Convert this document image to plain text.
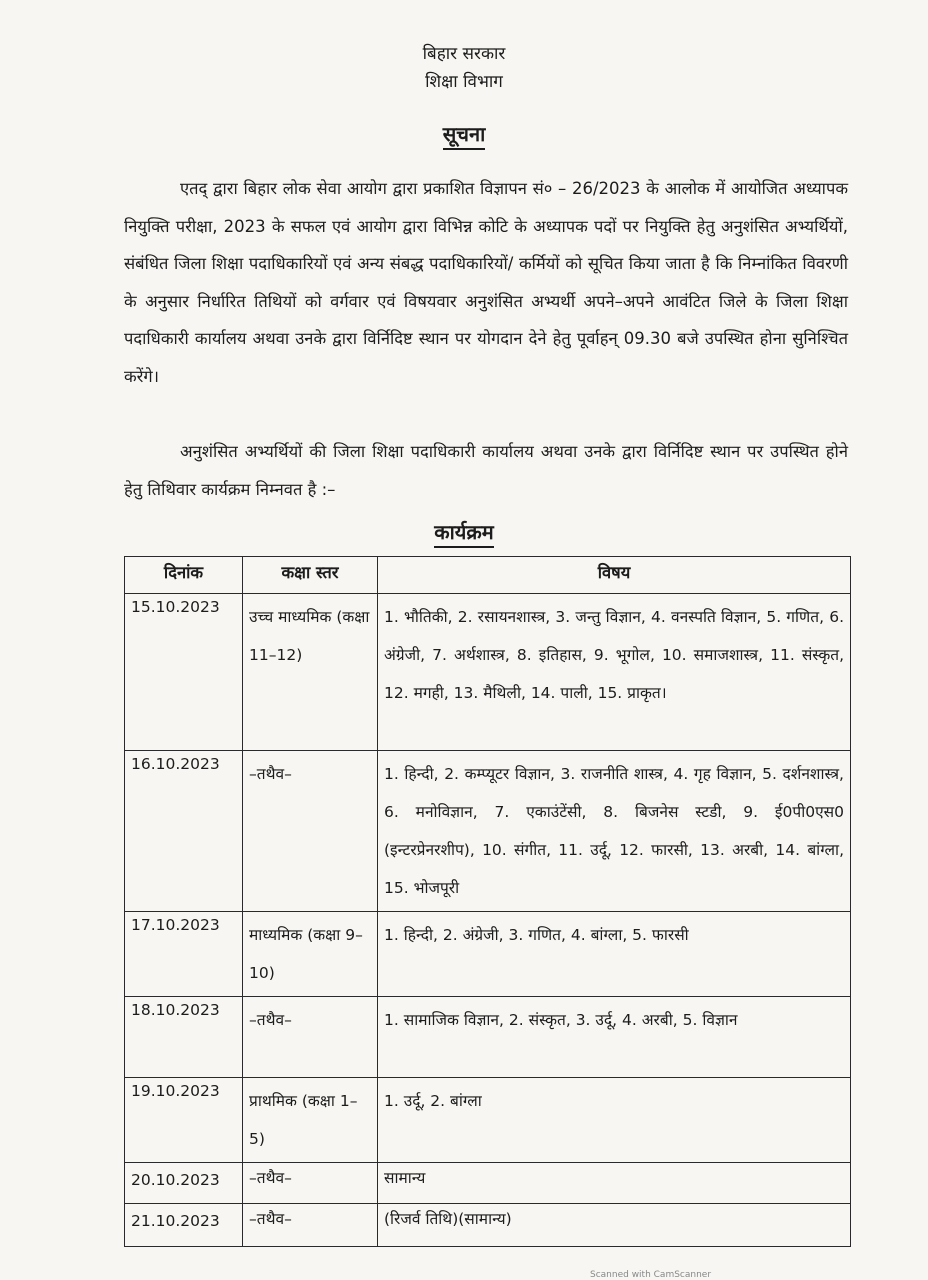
बिहार सरकार
शिक्षा विभाग
सूचना

एतद् द्वारा बिहार लोक सेवा आयोग द्वारा प्रकाशित विज्ञापन सं० – 26/2023 के आलोक में आयोजित अध्यापक नियुक्ति परीक्षा, 2023 के सफल एवं आयोग द्वारा विभिन्न कोटि के अध्यापक पदों पर नियुक्ति हेतु अनुशंसित अभ्यर्थियों, संबंधित जिला शिक्षा पदाधिकारियों एवं अन्य संबद्ध पदाधिकारियों/ कर्मियों को सूचित किया जाता है कि निम्नांकित विवरणी के अनुसार निर्धारित तिथियों को वर्गवार एवं विषयवार अनुशंसित अभ्यर्थी अपने–अपने आवंटित जिले के जिला शिक्षा पदाधिकारी कार्यालय अथवा उनके द्वारा विर्निदिष्ट स्थान पर योगदान देने हेतु पूर्वाहन् 09.30 बजे उपस्थित होना सुनिश्चित करेंगे।

अनुशंसित अभ्यर्थियों की जिला शिक्षा पदाधिकारी कार्यालय अथवा उनके द्वारा विर्निदिष्ट स्थान पर उपस्थित होने हेतु तिथिवार कार्यक्रम निम्नवत है :–

कार्यक्रम
दिनांक	कक्षा स्तर	विषय
15.10.2023	उच्च माध्यमिक (कक्षा 11–12)	1. भौतिकी, 2. रसायनशास्त्र, 3. जन्तु विज्ञान, 4. वनस्पति विज्ञान, 5. गणित, 6. अंग्रेजी, 7. अर्थशास्त्र, 8. इतिहास, 9. भूगोल, 10. समाजशास्त्र, 11. संस्कृत, 12. मगही, 13. मैथिली, 14. पाली, 15. प्राकृत।
16.10.2023	–तथैव–	1. हिन्दी, 2. कम्प्यूटर विज्ञान, 3. राजनीति शास्त्र, 4. गृह विज्ञान, 5. दर्शनशास्त्र, 6. मनोविज्ञान, 7. एकाउंटेंसी, 8. बिजनेस स्टडी, 9. ई0पी0एस0 (इन्टरप्रेनरशीप), 10. संगीत, 11. उर्दू, 12. फारसी, 13. अरबी, 14. बांग्ला, 15. भोजपूरी
17.10.2023	माध्यमिक (कक्षा 9–10)	1. हिन्दी, 2. अंग्रेजी, 3. गणित, 4. बांग्ला, 5. फारसी
18.10.2023	–तथैव–	1. सामाजिक विज्ञान, 2. संस्कृत, 3. उर्दू, 4. अरबी, 5. विज्ञान
19.10.2023	प्राथमिक (कक्षा 1–5)	1. उर्दू, 2. बांग्ला
20.10.2023	–तथैव–	सामान्य
21.10.2023	–तथैव–	(रिजर्व तिथि)(सामान्य)
Scanned with CamScanner
